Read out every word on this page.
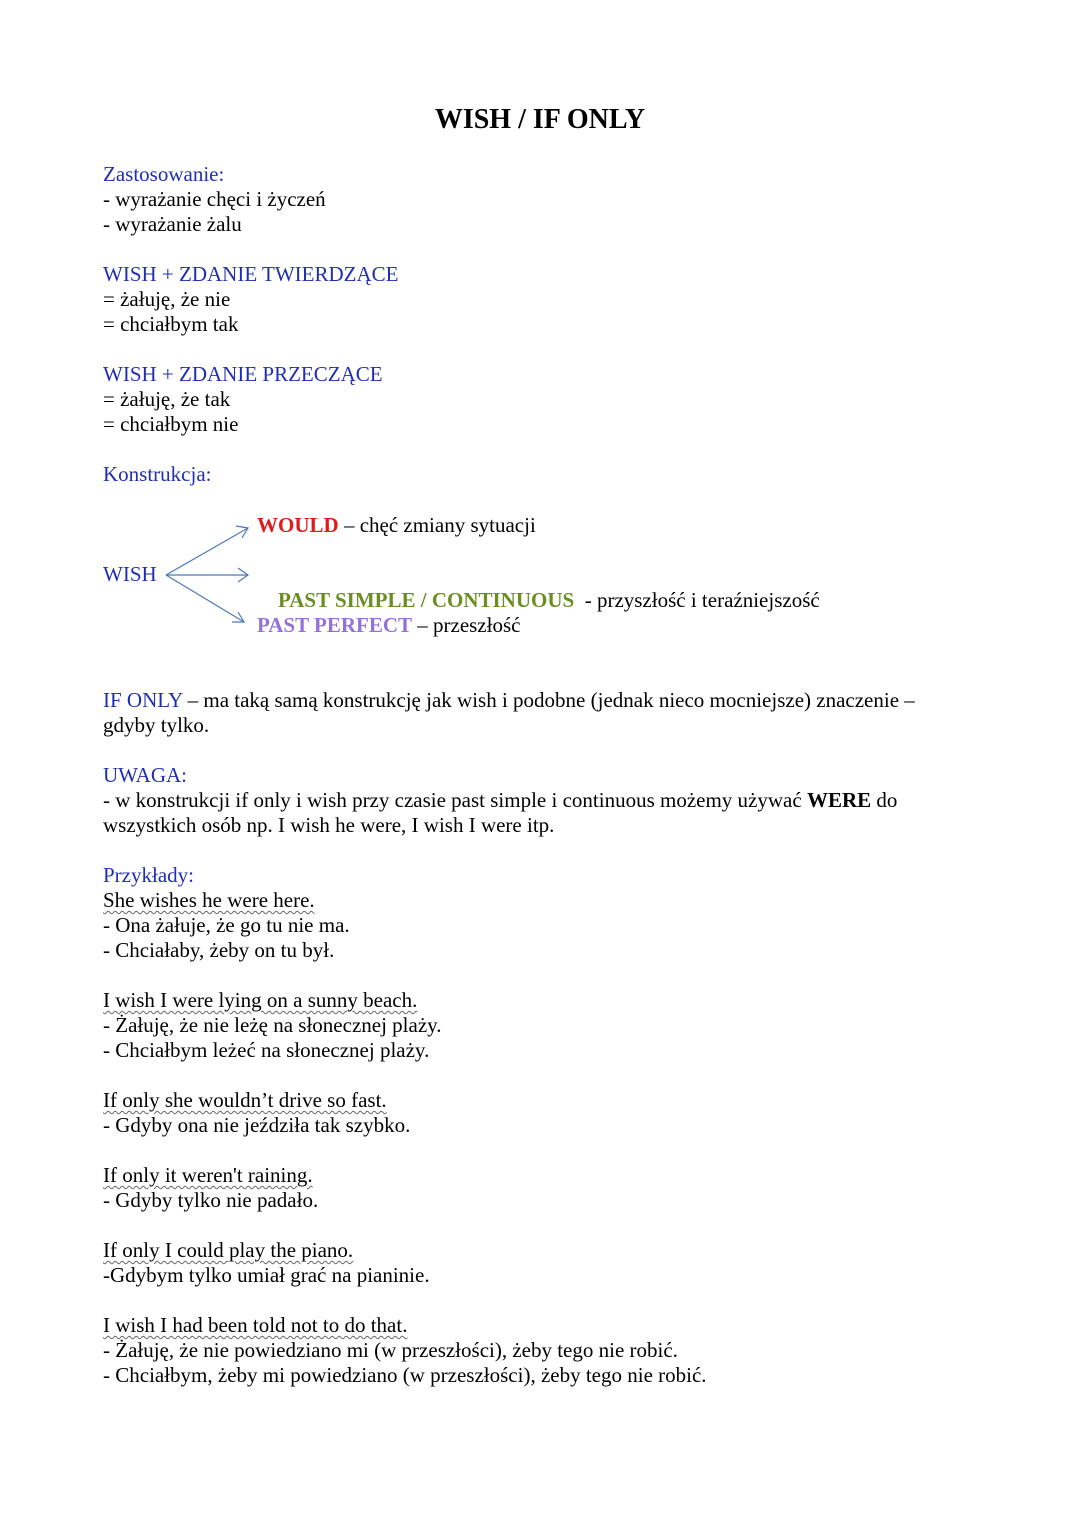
WISH / IF ONLY
Zastosowanie:
- wyrażanie chęci i życzeń
- wyrażanie żalu
WISH + ZDANIE TWIERDZĄCE
= żałuję, że nie
= chciałbym tak
WISH + ZDANIE PRZECZĄCE
= żałuję, że tak
= chciałbym nie
Konstrukcja:
WISH
WOULD – chęć zmiany sytuacji

PAST SIMPLE / CONTINUOUS  - przyszłość i teraźniejszość

PAST PERFECT – przeszłość
IF ONLY – ma taką samą konstrukcję jak wish i podobne (jednak nieco mocniejsze) znaczenie –
gdyby tylko.
UWAGA:
- w konstrukcji if only i wish przy czasie past simple i continuous możemy używać WERE do
wszystkich osób np. I wish he were, I wish I were itp.
Przykłady:
She wishes he were here.
- Ona żałuje, że go tu nie ma.
- Chciałaby, żeby on tu był.
I wish I were lying on a sunny beach.
- Żałuję, że nie leżę na słonecznej plaży.
- Chciałbym leżeć na słonecznej plaży.
If only she wouldn’t drive so fast.
- Gdyby ona nie jeździła tak szybko.
If only it weren't raining.
- Gdyby tylko nie padało.
If only I could play the piano.
-Gdybym tylko umiał grać na pianinie.
I wish I had been told not to do that.
- Żałuję, że nie powiedziano mi (w przeszłości), żeby tego nie robić.
- Chciałbym, żeby mi powiedziano (w przeszłości), żeby tego nie robić.
